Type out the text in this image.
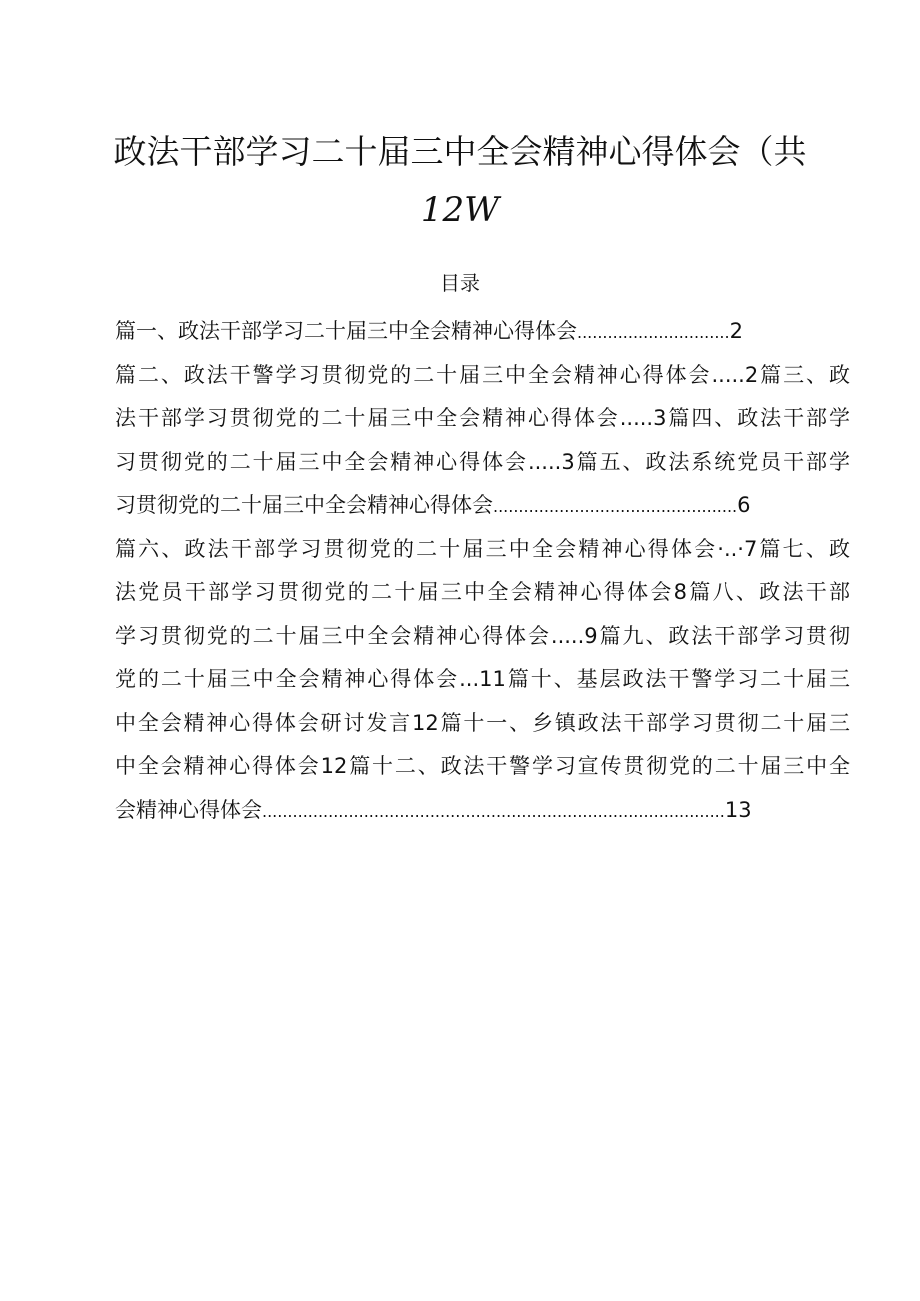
政法干部学习二十届三中全会精神心得体会（共
12W
目录
篇一、政法干部学习二十届三中全会精神心得体会..............................2
篇二、政法干警学习贯彻党的二十届三中全会精神心得体会.....2篇三、政
法干部学习贯彻党的二十届三中全会精神心得体会.....3篇四、政法干部学
习贯彻党的二十届三中全会精神心得体会.....3篇五、政法系统党员干部学
习贯彻党的二十届三中全会精神心得体会................................................6
篇六、政法干部学习贯彻党的二十届三中全会精神心得体会·..·7篇七、政
法党员干部学习贯彻党的二十届三中全会精神心得体会8篇八、政法干部
学习贯彻党的二十届三中全会精神心得体会.....9篇九、政法干部学习贯彻
党的二十届三中全会精神心得体会...11篇十、基层政法干警学习二十届三
中全会精神心得体会研讨发言12篇十一、乡镇政法干部学习贯彻二十届三
中全会精神心得体会12篇十二、政法干警学习宣传贯彻党的二十届三中全
会精神心得体会...........................................................................................13
